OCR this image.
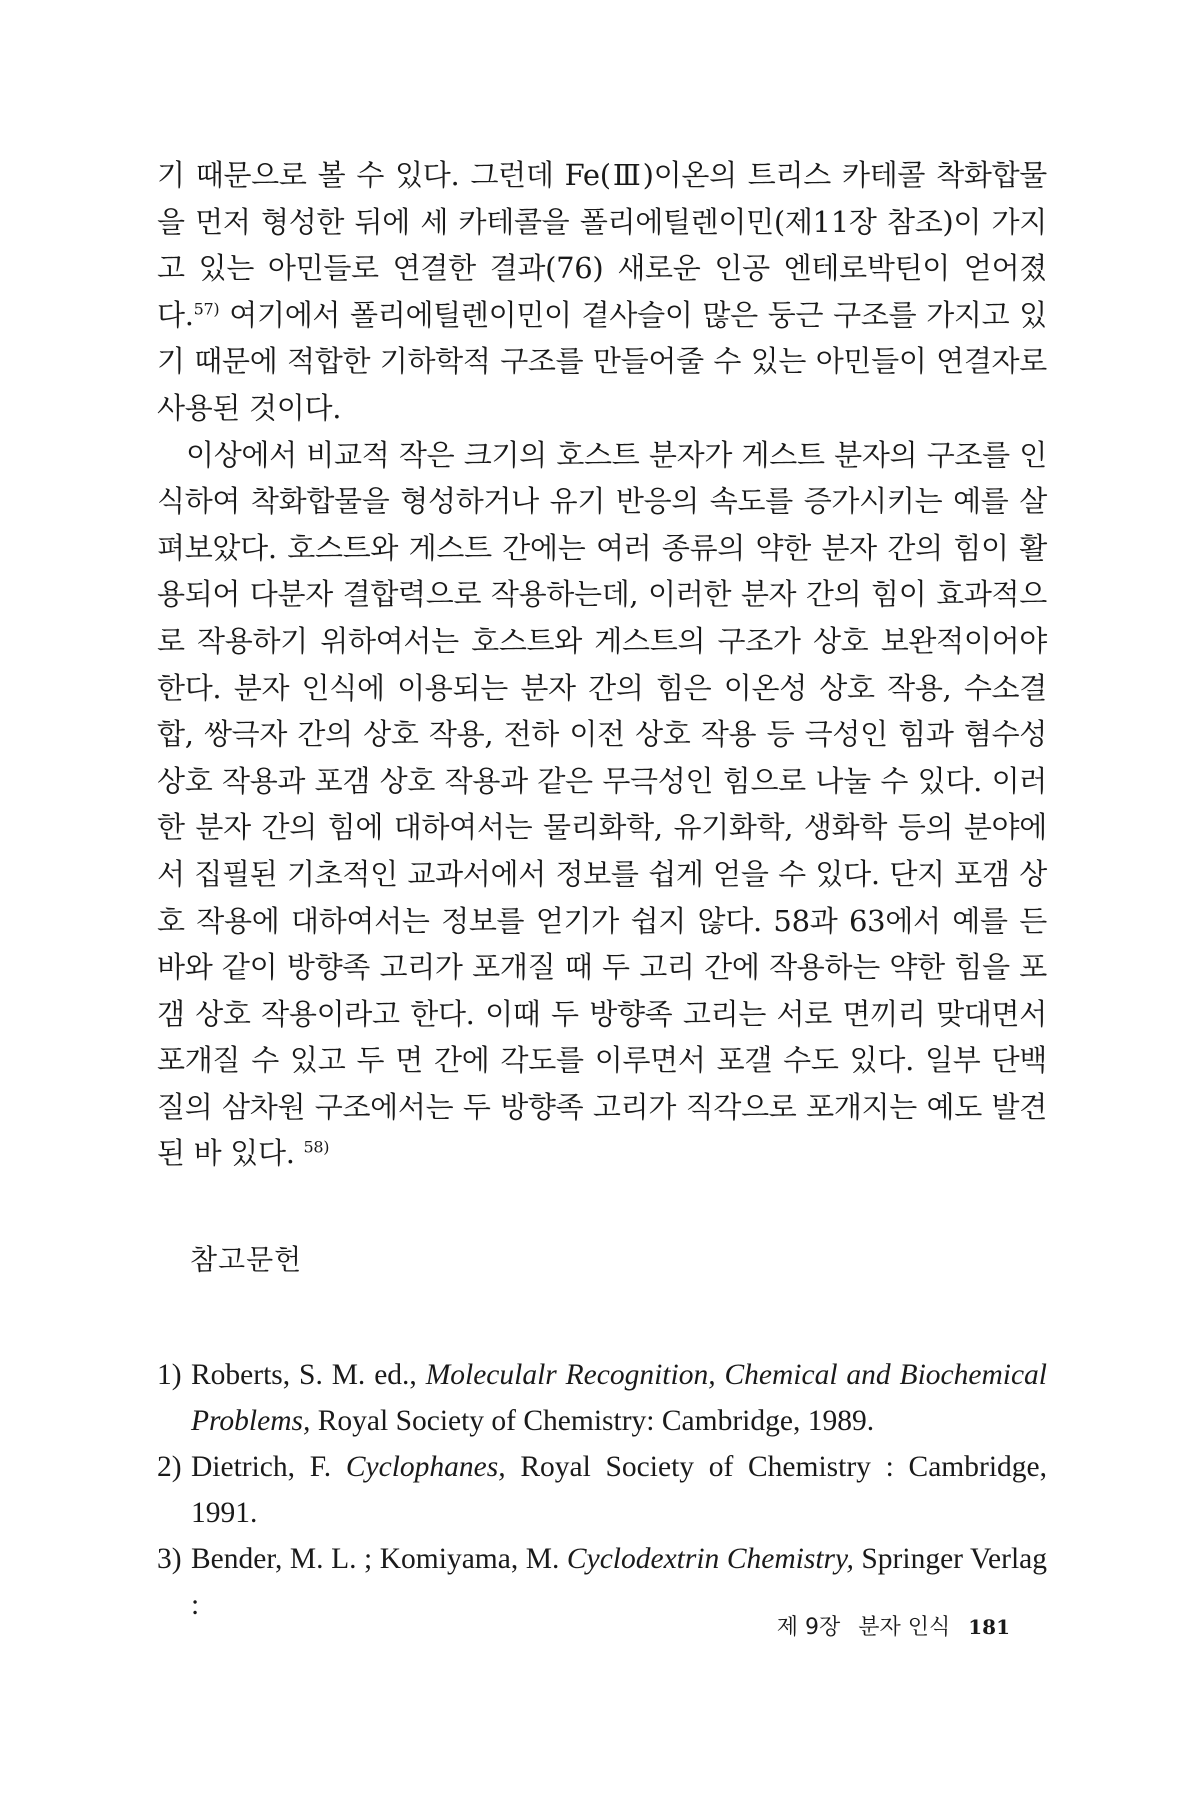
기 때문으로 볼 수 있다. 그런데 Fe(Ⅲ)이온의 트리스 카테콜 착화합물을 먼저 형성한 뒤에 세 카테콜을 폴리에틸렌이민(제11장 참조)이 가지고 있는 아민들로 연결한 결과(76) 새로운 인공 엔테로박틴이 얻어졌다.$^{57)}$ 여기에서 폴리에틸렌이민이 곁사슬이 많은 둥근 구조를 가지고 있기 때문에 적합한 기하학적 구조를 만들어줄 수 있는 아민들이 연결자로 사용된 것이다.

이상에서 비교적 작은 크기의 호스트 분자가 게스트 분자의 구조를 인식하여 착화합물을 형성하거나 유기 반응의 속도를 증가시키는 예를 살펴보았다. 호스트와 게스트 간에는 여러 종류의 약한 분자 간의 힘이 활용되어 다분자 결합력으로 작용하는데, 이러한 분자 간의 힘이 효과적으로 작용하기 위하여서는 호스트와 게스트의 구조가 상호 보완적이어야 한다. 분자 인식에 이용되는 분자 간의 힘은 이온성 상호 작용, 수소결합, 쌍극자 간의 상호 작용, 전하 이전 상호 작용 등 극성인 힘과 혐수성 상호 작용과 포갬 상호 작용과 같은 무극성인 힘으로 나눌 수 있다. 이러한 분자 간의 힘에 대하여서는 물리화학, 유기화학, 생화학 등의 분야에서 집필된 기초적인 교과서에서 정보를 쉽게 얻을 수 있다. 단지 포갬 상호 작용에 대하여서는 정보를 얻기가 쉽지 않다. 58과 63에서 예를 든 바와 같이 방향족 고리가 포개질 때 두 고리 간에 작용하는 약한 힘을 포갬 상호 작용이라고 한다. 이때 두 방향족 고리는 서로 면끼리 맞대면서 포개질 수 있고 두 면 간에 각도를 이루면서 포갤 수도 있다. 일부 단백질의 삼차원 구조에서는 두 방향족 고리가 직각으로 포개지는 예도 발견된 바 있다. $^{58)}$

참고문헌

1) Roberts, S. M. ed., Moleculalr Recognition, Chemical and Biochemical Problems, Royal Society of Chemistry: Cambridge, 1989.

2) Dietrich, F. Cyclophanes, Royal Society of Chemistry : Cambridge, 1991.

3) Bender, M. L. ; Komiyama, M. Cyclodextrin Chemistry, Springer Verlag :

제 9장 분자 인식 181
